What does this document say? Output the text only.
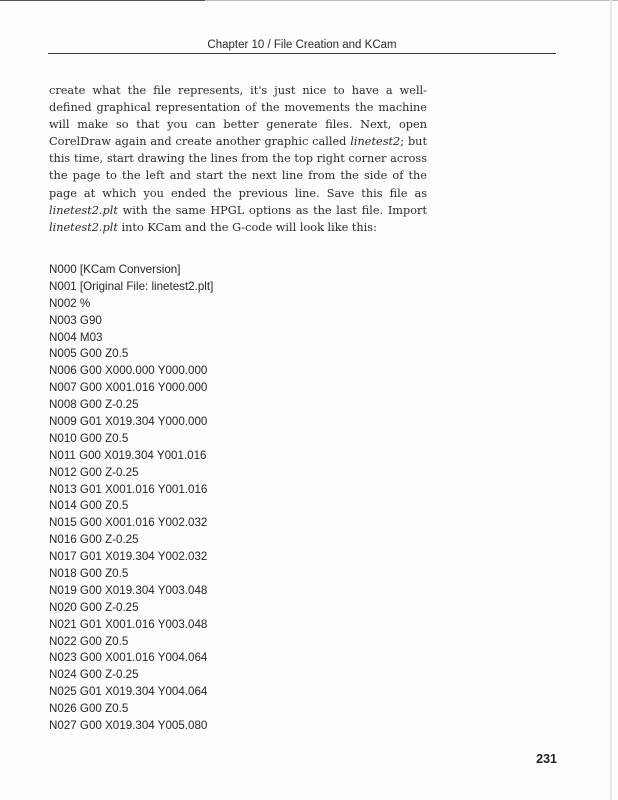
Chapter 10 / File Creation and KCam

create what the file represents, it's just nice to have a well-defined graphical representation of the movements the machine will make so that you can better generate files. Next, open CorelDraw again and create another graphic called linetest2; but this time, start drawing the lines from the top right corner across the page to the left and start the next line from the side of the page at which you ended the previous line. Save this file as linetest2.plt with the same HPGL options as the last file. Import linetest2.plt into KCam and the G-code will look like this:

N000 [KCam Conversion]
N001 [Original File: linetest2.plt]
N002 %
N003 G90
N004 M03
N005 G00 Z0.5
N006 G00 X000.000 Y000.000
N007 G00 X001.016 Y000.000
N008 G00 Z-0.25
N009 G01 X019.304 Y000.000
N010 G00 Z0.5
N011 G00 X019.304 Y001.016
N012 G00 Z-0.25
N013 G01 X001.016 Y001.016
N014 G00 Z0.5
N015 G00 X001.016 Y002.032
N016 G00 Z-0.25
N017 G01 X019.304 Y002.032
N018 G00 Z0.5
N019 G00 X019.304 Y003.048
N020 G00 Z-0.25
N021 G01 X001.016 Y003.048
N022 G00 Z0.5
N023 G00 X001.016 Y004.064
N024 G00 Z-0.25
N025 G01 X019.304 Y004.064
N026 G00 Z0.5
N027 G00 X019.304 Y005.080
231
